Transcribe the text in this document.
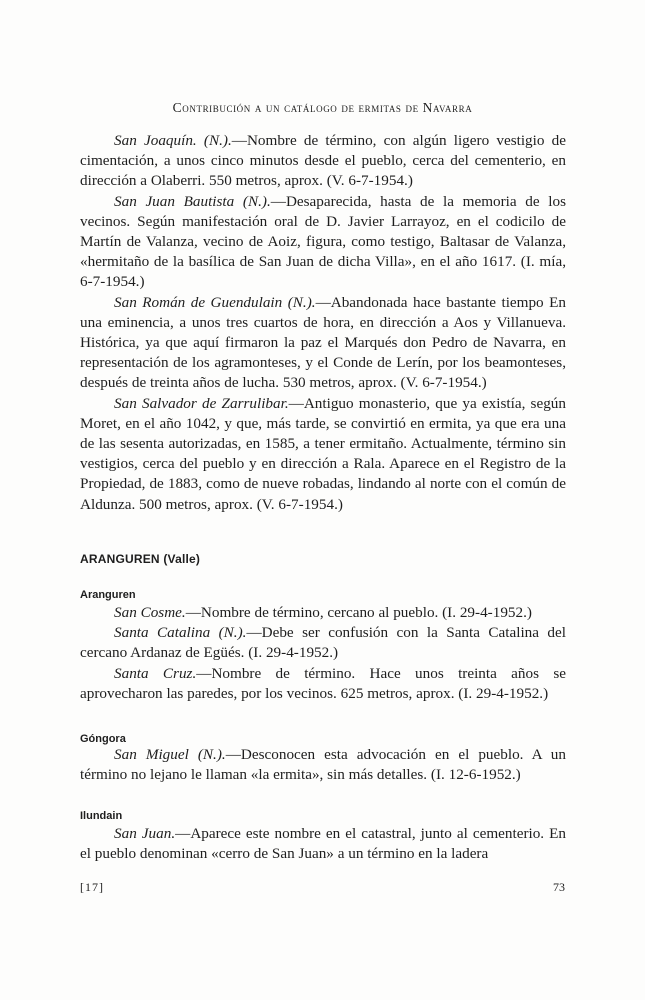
Contribución a un catálogo de ermitas de Navarra

San Joaquín. (N.).—Nombre de término, con algún ligero vestigio de cimentación, a unos cinco minutos desde el pueblo, cerca del cementerio, en dirección a Olaberri. 550 metros, aprox. (V. 6-7-1954.)

San Juan Bautista (N.).—Desaparecida, hasta de la memoria de los vecinos. Según manifestación oral de D. Javier Larrayoz, en el codicilo de Martín de Valanza, vecino de Aoiz, figura, como testigo, Baltasar de Valanza, «hermitaño de la basílica de San Juan de dicha Villa», en el año 1617. (I. mía, 6-7-1954.)

San Román de Guendulain (N.).—Abandonada hace bastante tiempo En una eminencia, a unos tres cuartos de hora, en dirección a Aos y Villanueva. Histórica, ya que aquí firmaron la paz el Marqués don Pedro de Navarra, en representación de los agramonteses, y el Conde de Lerín, por los beamonteses, después de treinta años de lucha. 530 metros, aprox. (V. 6-7-1954.)

San Salvador de Zarrulibar.—Antiguo monasterio, que ya existía, según Moret, en el año 1042, y que, más tarde, se convirtió en ermita, ya que era una de las sesenta autorizadas, en 1585, a tener ermitaño. Actualmente, término sin vestigios, cerca del pueblo y en dirección a Rala. Aparece en el Registro de la Propiedad, de 1883, como de nueve robadas, lindando al norte con el común de Aldunza. 500 metros, aprox. (V. 6-7-1954.)

ARANGUREN (Valle)
Aranguren

San Cosme.—Nombre de término, cercano al pueblo. (I. 29-4-1952.)

Santa Catalina (N.).—Debe ser confusión con la Santa Catalina del cercano Ardanaz de Egüés. (I. 29-4-1952.)

Santa Cruz.—Nombre de término. Hace unos treinta años se aprovecharon las paredes, por los vecinos. 625 metros, aprox. (I. 29-4-1952.)

Góngora

San Miguel (N.).—Desconocen esta advocación en el pueblo. A un término no lejano le llaman «la ermita», sin más detalles. (I. 12-6-1952.)

Ilundain

San Juan.—Aparece este nombre en el catastral, junto al cementerio. En el pueblo denominan «cerro de San Juan» a un término en la ladera

[17]	73
